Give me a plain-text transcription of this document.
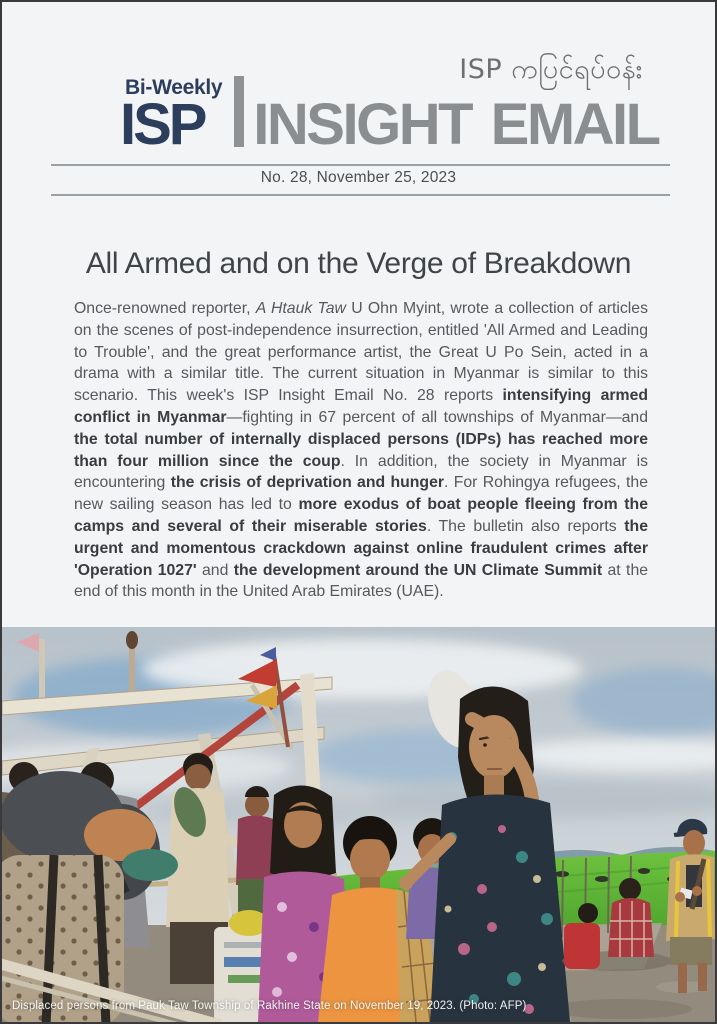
ISP ကပြင်ရပ်ဝန်း
Bi-Weekly
ISP INSIGHT EMAIL
No. 28, November 25, 2023
All Armed and on the Verge of Breakdown

Once-renowned reporter, A Htauk Taw U Ohn Myint, wrote a collection of articles on the scenes of post-independence insurrection, entitled 'All Armed and Leading to Trouble', and the great performance artist, the Great U Po Sein, acted in a drama with a similar title. The current situation in Myanmar is similar to this scenario. This week's ISP Insight Email No. 28 reports intensifying armed conflict in Myanmar—fighting in 67 percent of all townships of Myanmar—and the total number of internally displaced persons (IDPs) has reached more than four million since the coup. In addition, the society in Myanmar is encountering the crisis of deprivation and hunger. For Rohingya refugees, the new sailing season has led to more exodus of boat people fleeing from the camps and several of their miserable stories. The bulletin also reports the urgent and momentous crackdown against online fraudulent crimes after 'Operation 1027' and the development around the UN Climate Summit at the end of this month in the United Arab Emirates (UAE).

Displaced persons from Pauk Taw Township of Rakhine State on November 19, 2023. (Photo: AFP)
